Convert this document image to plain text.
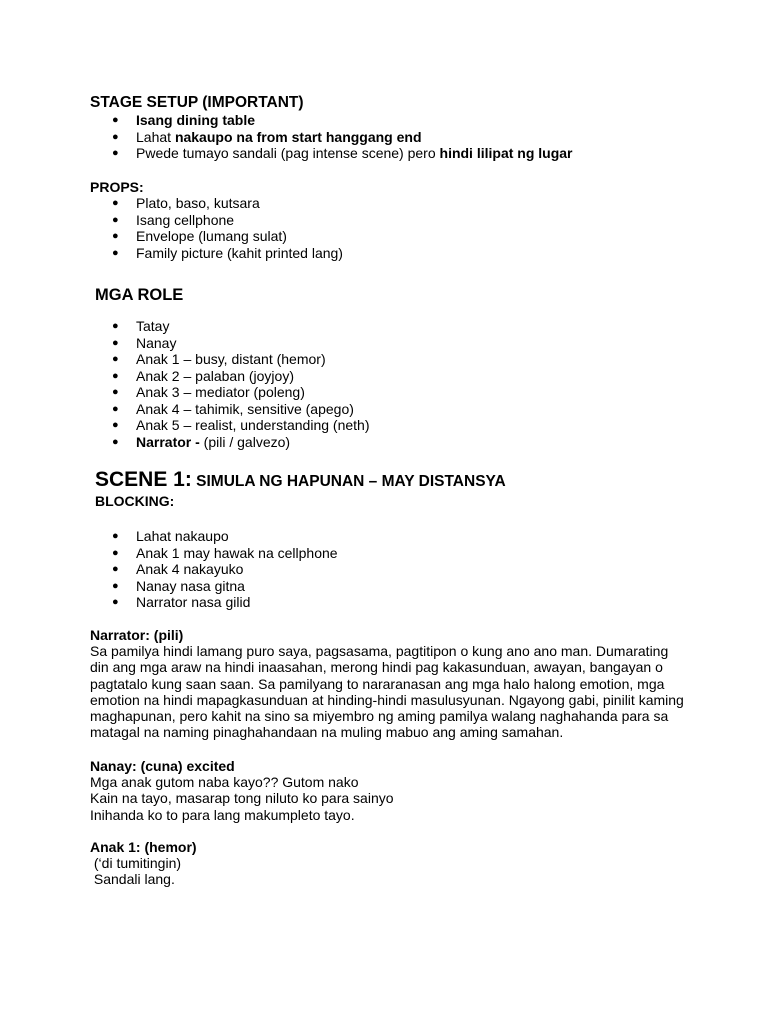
STAGE SETUP (IMPORTANT)
● Isang dining table
● Lahat nakaupo na from start hanggang end
● Pwede tumayo sandali (pag intense scene) pero hindi lilipat ng lugar
PROPS:
● Plato, baso, kutsara
● Isang cellphone
● Envelope (lumang sulat)
● Family picture (kahit printed lang)
MGA ROLE
● Tatay
● Nanay
● Anak 1 – busy, distant (hemor)
● Anak 2 – palaban (joyjoy)
● Anak 3 – mediator (poleng)
● Anak 4 – tahimik, sensitive (apego)
● Anak 5 – realist, understanding (neth)
● Narrator - (pili / galvezo)
SCENE 1: SIMULA NG HAPUNAN – MAY DISTANSYA
BLOCKING:
● Lahat nakaupo
● Anak 1 may hawak na cellphone
● Anak 4 nakayuko
● Nanay nasa gitna
● Narrator nasa gilid

Narrator: (pili)

Sa pamilya hindi lamang puro saya, pagsasama, pagtitipon o kung ano ano man. Dumarating
din ang mga araw na hindi inaasahan, merong hindi pag kakasunduan, awayan, bangayan o
pagtatalo kung saan saan. Sa pamilyang to nararanasan ang mga halo halong emotion, mga
emotion na hindi mapagkasunduan at hinding-hindi masulusyunan. Ngayong gabi, pinilit kaming
maghapunan, pero kahit na sino sa miyembro ng aming pamilya walang naghahanda para sa
matagal na naming pinaghahandaan na muling mabuo ang aming samahan.

Nanay: (cuna) excited

Mga anak gutom naba kayo?? Gutom nako
Kain na tayo, masarap tong niluto ko para sainyo
Inihanda ko to para lang makumpleto tayo.

Anak 1: (hemor)

(‘di tumitingin)
Sandali lang.
